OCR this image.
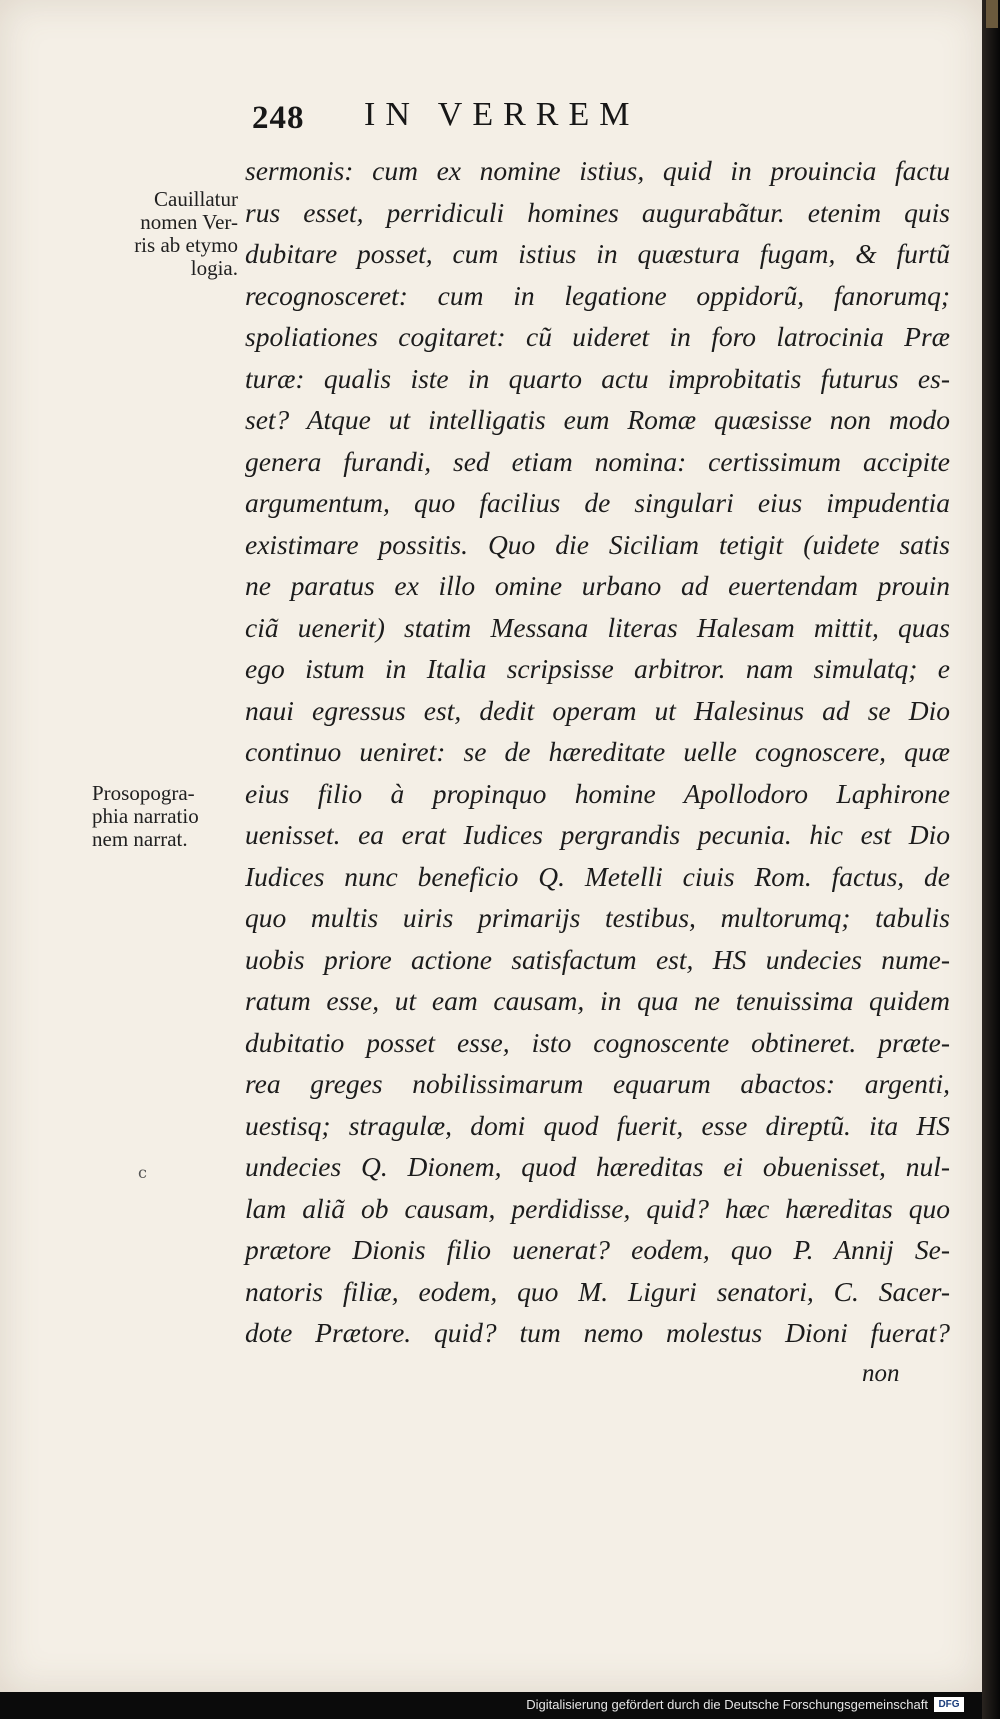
248 IN VERREM
Cauillatur
nomen Ver-
ris ab etymo
logia.
Prosopogra-
phia narratio
nem narrat.
c
sermonis: cum ex nomine istius, quid in prouincia factu
rus esset, perridiculi homines augurabãtur. etenim quis
dubitare posset, cum istius in quæstura fugam, & furtũ
recognosceret: cum in legatione oppidorũ, fanorumq;
spoliationes cogitaret: cũ uideret in foro latrocinia Præ
turæ: qualis iste in quarto actu improbitatis futurus es-
set? Atque ut intelligatis eum Romæ quæsisse non modo
genera furandi, sed etiam nomina: certissimum accipite
argumentum, quo facilius de singulari eius impudentia
existimare possitis. Quo die Siciliam tetigit (uidete satis
ne paratus ex illo omine urbano ad euertendam prouin
ciã uenerit) statim Messana literas Halesam mittit, quas
ego istum in Italia scripsisse arbitror. nam simulatq; e
naui egressus est, dedit operam ut Halesinus ad se Dio
continuo ueniret: se de hæreditate uelle cognoscere, quæ
eius filio à propinquo homine Apollodoro Laphirone
uenisset. ea erat Iudices pergrandis pecunia. hic est Dio
Iudices nunc beneficio Q. Metelli ciuis Rom. factus, de
quo multis uiris primarijs testibus, multorumq; tabulis
uobis priore actione satisfactum est, HS undecies nume-
ratum esse, ut eam causam, in qua ne tenuissima quidem
dubitatio posset esse, isto cognoscente obtineret. præte-
rea greges nobilissimarum equarum abactos: argenti,
uestisq; stragulæ, domi quod fuerit, esse direptũ. ita HS
undecies Q. Dionem, quod hæreditas ei obuenisset, nul-
lam aliã ob causam, perdidisse, quid? hæc hæreditas quo
prætore Dionis filio uenerat? eodem, quo P. Annij Se-
natoris filiæ, eodem, quo M. Liguri senatori, C. Sacer-
dote Prætore. quid? tum nemo molestus Dioni fuerat?
non
Digitalisierung gefördert durch die Deutsche Forschungsgemeinschaft	DFG
